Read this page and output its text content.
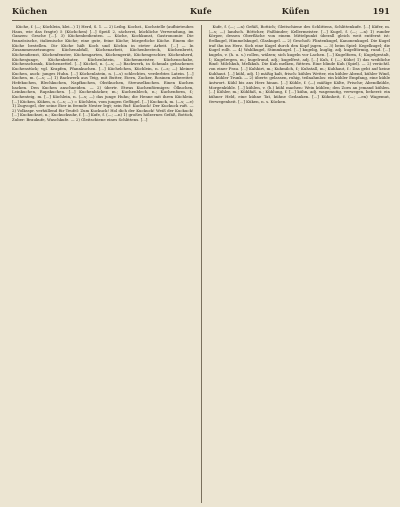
Küchen	Kufe	Küfen	191

Küche, f. (—; Küchlein, klei...) 1) Herd, S. 1. — 2) Leibg. Kochst., Kochstelle (aufbieteubes Haus, wie das fragte) 5 (Küchchen) [...] Speiß 2, sächerei, küchliche Verwendung, im Ganzen: Gesche [...]. 3) Küchenbedienten. — Küche, Kochkunst, Gastronomie: Die französische, italienische Küche; eine gute, feine Küche; bürgerliche Küche. Einem die Küche bestellen. Dir Küche hält Koch und Köchin in steter Arbeit. [...] — In Zusammensetzungen: Küchenabfall, Küchenarbeit, Küchenbesteck, Küchenbrett, Küchendienst, Küchenfenster, Küchengarten, Küchengerät, Küchengeschirr, Küchenherd, Küchenjunge, Küchenkräuter, Küchenlatein, Küchenmeister, Küchenschabe, Küchenschrank, Küchenzettel. [...] Küchel, n. (—s; —) Backwerk, in Schmalz gebackenes Kuchenstück; vgl. Krapfen, Pfannkuchen. [...] Küchelchen, Küchlein, n. (—s; —) kleiner Kuchen, auch: junges Huhn. [...] Küchenlatein, n. (—s) schlechtes, verderbtes Latein. [...] Kuchen, m. (—s; —) 1) Backwerk aus Teig, mit Butter, Eiern, Zucker, Rosinen zubereitet: Hefekuchen, Blechkuchen, Napfkuchen, Obstkuchen, Streuselkuchen. Einen Kuchen backen. Den Kuchen anschneiden. — 2) übertr. Etwas Kuchenförmiges: Ölkuchen, Leinkuchen, Rapskuchen. [...] Kuchenbäcker, m.; Kuchenblech, n.; Kuchenform, f.; Kuchenteig, m. [...] Küchlein, n. (—s; —) das junge Huhn; die Henne mit ihren Küchlein. [...] Kücken, Küken, n. (—s; —) = Küchlein, vom jungen Geflügel. [...] Kuckuck, m. (—s; —e) 1) Zugvogel, der seine Eier in fremde Nester legt; sein Ruf: Kuckuck! Der Kuckuck ruft. — 2) Volksspr. verhüllend für Teufel: Zum Kuckuck! Hol dich der Kuckuck! Weiß der Kuckuck! [...] Kuckucksei, n.; Kuckucksuhr, f. [...] Kufe, f. (—; —n) 1) großes hölzernes Gefäß, Bottich, Zuber: Braukufe, Waschkufe. — 2) Gleitschiene eines Schlittens. [...]

Kufe, f. (—; —n) Gefäß, Bottich; Gleitschiene des Schlittens, Schlittenkufe. [...] Küfer, m. (—s; —) landsch. Böttcher, Faßbinder; Kellermeister. [...] Kugel, f. (—; —n) 1) runder Körper, dessen Oberfläche von einem Mittelpunkt überall gleich weit entfernt ist: Erdkugel, Himmelskugel, Glaskugel. — 2) Geschoß: Flintenkugel, Kanonenkugel. Die Kugel traf ihn ins Herz. Sich eine Kugel durch den Kopf jagen. — 3) beim Spiel: Kegelkugel; die Kugel rollt. — 4) Wahlkugel, Stimmkugel. [...] kugelig, kuglig, adj. kugelförmig, rund. [...] kugeln, v. (h. u. s.) rollen, wälzen; sich kugeln vor Lachen. [...] Kugelform, f.; Kugelgestalt, f.; Kugelregen, m.; kugelrund, adj.; kugelfest, adj. [...] Kuh, f. (—; Kühe) 1) das weibliche Rind: Milchkuh, Melkkuh. Die Kuh melken, füttern. Eine blinde Kuh (Spiel). — 2) verächtl. von einer Frau. [...] Kuhhirt, m.; Kuhmilch, f.; Kuhstall, m.; Kuhhaut, f.: Das geht auf keine Kuhhaut. [...] kühl, adj. 1) mäßig kalt, frisch: kühles Wetter, ein kühler Abend, kühler Wind, ein kühler Trunk. — 2) übertr. gelassen, ruhig, teilnahmlos: ein kühler Empfang, eine kühle Antwort. Kühl bis ans Herz hinan. [...] Kühle, f. (—) mäßige Kälte, Frische; Abendkühle, Morgenkühle. [...] kühlen, v. (h.) kühl machen: Wein kühlen; den Zorn an jemand kühlen. [...] Kühler, m.; Kühlfaß, n.; Kühlung, f. [...] kühn, adj. wagemutig, verwegen, beherzt: ein kühner Held, eine kühne Tat, kühne Gedanken. [...] Kühnheit, f. (—; —en) Wagemut, Verwegenheit. [...] Küken, n. s. Kücken.
